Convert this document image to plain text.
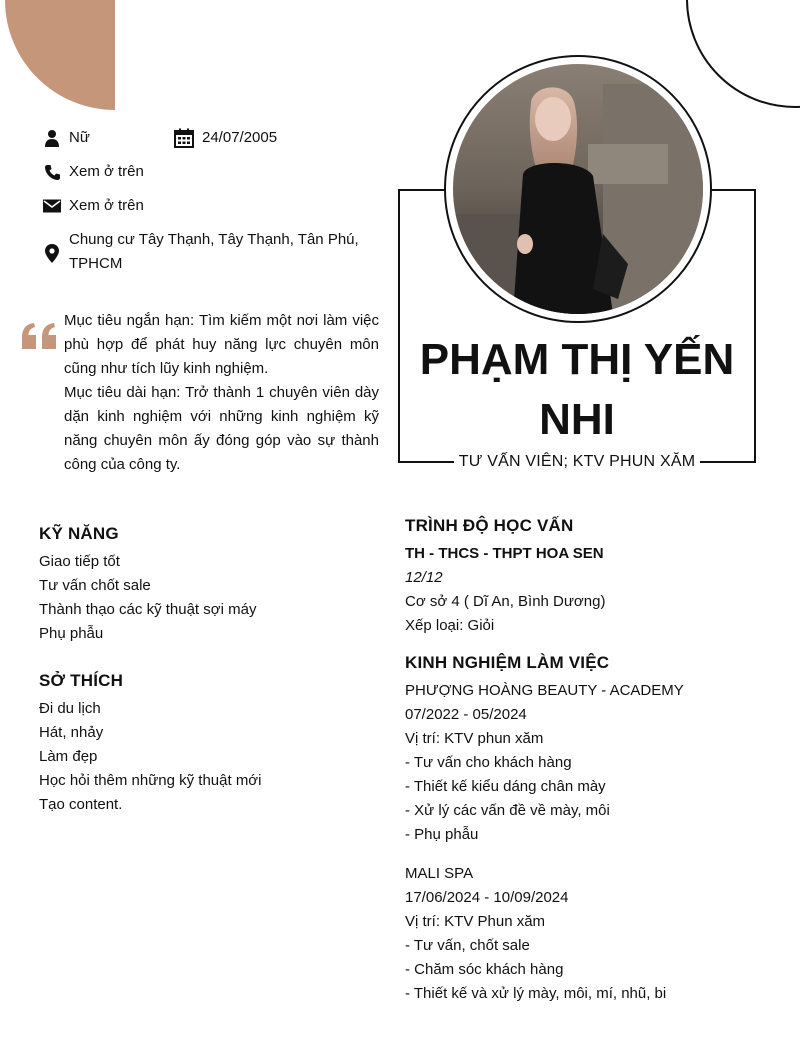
Nữ	24/07/2005
Xem ở trên
Xem ở trên
Chung cư Tây Thạnh, Tây Thạnh, Tân Phú, TPHCM

Mục tiêu ngắn hạn: Tìm kiếm một nơi làm việc phù hợp để phát huy năng lực chuyên môn cũng như tích lũy kinh nghiệm.

Mục tiêu dài hạn: Trở thành 1 chuyên viên dày dặn kinh nghiệm với những kinh nghiệm kỹ năng chuyên môn ấy đóng góp vào sự thành công của công ty.

PHẠM THỊ YẾN NHI
TƯ VẤN VIÊN; KTV PHUN XĂM
KỸ NĂNG
Giao tiếp tốt
Tư vấn chốt sale
Thành thạo các kỹ thuật sợi máy
Phụ phẫu
SỞ THÍCH
Đi du lịch
Hát, nhảy
Làm đẹp
Học hỏi thêm những kỹ thuật mới
Tạo content.
TRÌNH ĐỘ HỌC VẤN
TH - THCS - THPT HOA SEN
12/12
Cơ sở 4 ( Dĩ An, Bình Dương)
Xếp loại: Giỏi
KINH NGHIỆM LÀM VIỆC
PHƯỢNG HOÀNG BEAUTY - ACADEMY
07/2022 - 05/2024
Vị trí: KTV phun xăm
- Tư vấn cho khách hàng
- Thiết kế kiểu dáng chân mày
- Xử lý các vấn đề về mày, môi
- Phụ phẫu
MALI SPA
17/06/2024 - 10/09/2024
Vị trí: KTV Phun xăm
- Tư vấn, chốt sale
- Chăm sóc khách hàng
- Thiết kế và xử lý mày, môi, mí, nhũ, bi
